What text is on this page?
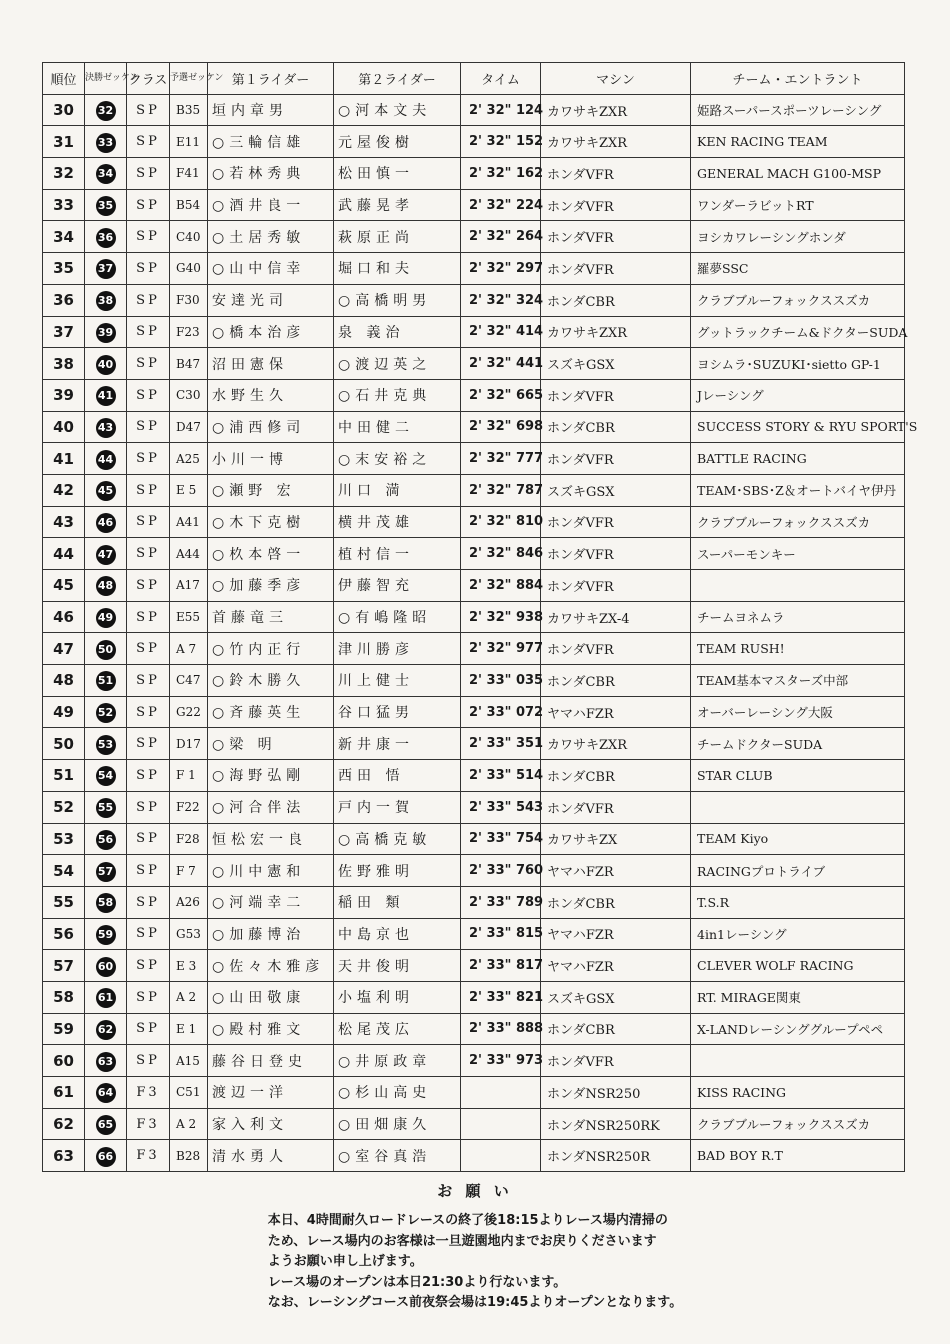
順位	決勝ゼッケン	クラス	予選ゼッケン	第１ライダー	第２ライダー	タイム	マシン	チーム・エントラント
30	32	SP	B35	垣内章男	○河本文夫	2' 32" 124	カワサキZXR	姫路スーパースポーツレーシング
31	33	SP	E11	○三輪信雄	元屋俊樹	2' 32" 152	カワサキZXR	KEN RACING TEAM
32	34	SP	F41	○若林秀典	松田慎一	2' 32" 162	ホンダVFR	GENERAL MACH G100-MSP
33	35	SP	B54	○酒井良一	武藤晃孝	2' 32" 224	ホンダVFR	ワンダーラビットRT
34	36	SP	C40	○土居秀敏	萩原正尚	2' 32" 264	ホンダVFR	ヨシカワレーシングホンダ
35	37	SP	G40	○山中信幸	堀口和夫	2' 32" 297	ホンダVFR	羅夢SSC
36	38	SP	F30	安達光司	○高橋明男	2' 32" 324	ホンダCBR	クラブブルーフォックススズカ
37	39	SP	F23	○橋本治彦	泉 義治	2' 32" 414	カワサキZXR	グットラックチーム&ドクターSUDA
38	40	SP	B47	沼田憲保	○渡辺英之	2' 32" 441	スズキGSX	ヨシムラ･SUZUKI･sietto GP-1
39	41	SP	C30	水野生久	○石井克典	2' 32" 665	ホンダVFR	Jレーシング
40	43	SP	D47	○浦西修司	中田健二	2' 32" 698	ホンダCBR	SUCCESS STORY & RYU SPORT'S
41	44	SP	A25	小川一博	○末安裕之	2' 32" 777	ホンダVFR	BATTLE RACING
42	45	SP	E 5	○瀬野 宏	川口 満	2' 32" 787	スズキGSX	TEAM･SBS･Z＆オートバイヤ伊丹
43	46	SP	A41	○木下克樹	横井茂雄	2' 32" 810	ホンダVFR	クラブブルーフォックススズカ
44	47	SP	A44	○杦本啓一	植村信一	2' 32" 846	ホンダVFR	スーパーモンキー
45	48	SP	A17	○加藤季彦	伊藤智充	2' 32" 884	ホンダVFR	
46	49	SP	E55	首藤竜三	○有嶋隆昭	2' 32" 938	カワサキZX-4	チームヨネムラ
47	50	SP	A 7	○竹内正行	津川勝彦	2' 32" 977	ホンダVFR	TEAM RUSH!
48	51	SP	C47	○鈴木勝久	川上健士	2' 33" 035	ホンダCBR	TEAM基本マスターズ中部
49	52	SP	G22	○斉藤英生	谷口猛男	2' 33" 072	ヤマハFZR	オーバーレーシング大阪
50	53	SP	D17	○梁 明	新井康一	2' 33" 351	カワサキZXR	チームドクターSUDA
51	54	SP	F 1	○海野弘剛	西田 悟	2' 33" 514	ホンダCBR	STAR CLUB
52	55	SP	F22	○河合伴法	戸内一賀	2' 33" 543	ホンダVFR	
53	56	SP	F28	恒松宏一良	○高橋克敏	2' 33" 754	カワサキZX	TEAM Kiyo
54	57	SP	F 7	○川中憲和	佐野雅明	2' 33" 760	ヤマハFZR	RACINGプロトライブ
55	58	SP	A26	○河端幸二	稲田 類	2' 33" 789	ホンダCBR	T.S.R
56	59	SP	G53	○加藤博治	中島京也	2' 33" 815	ヤマハFZR	4in1レーシング
57	60	SP	E 3	○佐々木雅彦	天井俊明	2' 33" 817	ヤマハFZR	CLEVER WOLF RACING
58	61	SP	A 2	○山田敬康	小塩利明	2' 33" 821	スズキGSX	RT. MIRAGE関東
59	62	SP	E 1	○殿村雅文	松尾茂広	2' 33" 888	ホンダCBR	X-LANDレーシンググループペペ
60	63	SP	A15	藤谷日登史	○井原政章	2' 33" 973	ホンダVFR	
61	64	F3	C51	渡辺一洋	○杉山高史		ホンダNSR250	KISS RACING
62	65	F3	A 2	家入利文	○田畑康久		ホンダNSR250RK	クラブブルーフォックススズカ
63	66	F3	B28	清水勇人	○室谷真浩		ホンダNSR250R	BAD BOY R.T
お 願 い
本日、4時間耐久ロードレースの終了後18:15よりレース場内清掃の
ため、レース場内のお客様は一旦遊園地内までお戻りくださいます
ようお願い申し上げます。
レース場のオープンは本日21:30より行ないます。
なお、レーシングコース前夜祭会場は19:45よりオープンとなります。
